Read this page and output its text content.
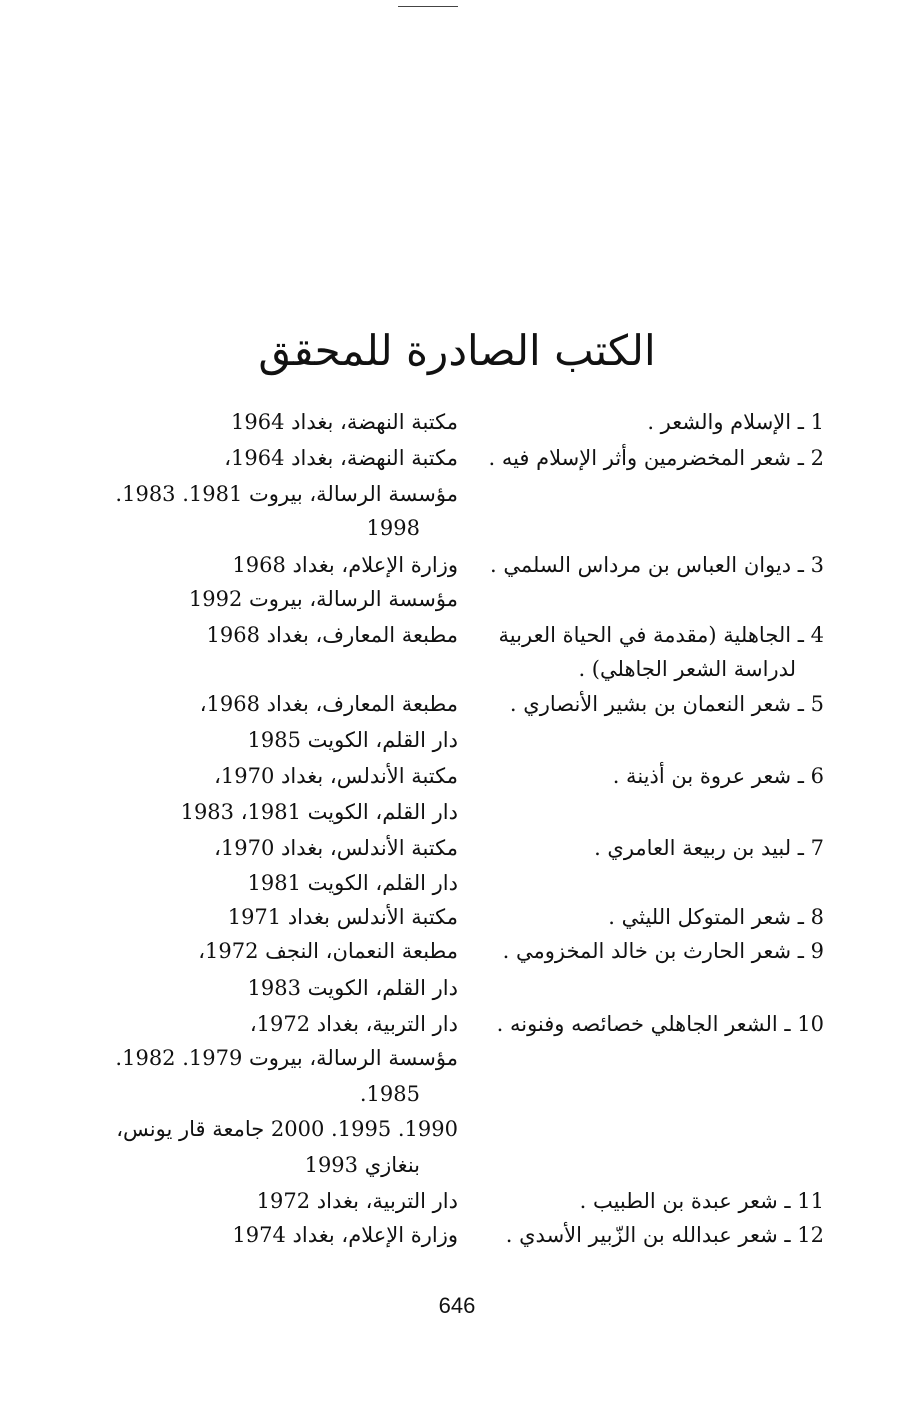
الكتب الصادرة للمحقق
1 ـ الإسلام والشعر .
2 ـ شعر المخضرمين وأثر الإسلام فيه .
3 ـ ديوان العباس بن مرداس السلمي .
4 ـ الجاهلية (مقدمة في الحياة العربية
لدراسة الشعر الجاهلي) .
5 ـ شعر النعمان بن بشير الأنصاري .
6 ـ شعر عروة بن أذينة .
7 ـ لبيد بن ربيعة العامري .
8 ـ شعر المتوكل الليثي .
9 ـ شعر الحارث بن خالد المخزومي .
10 ـ الشعر الجاهلي خصائصه وفنونه .
11 ـ شعر عبدة بن الطبيب .
12 ـ شعر عبدالله بن الزّبير الأسدي .
مكتبة النهضة، بغداد 1964
مكتبة النهضة، بغداد 1964،
مؤسسة الرسالة، بيروت 1981. 1983.
1998
وزارة الإعلام، بغداد 1968
مؤسسة الرسالة، بيروت 1992
مطبعة المعارف، بغداد 1968
مطبعة المعارف، بغداد 1968،
دار القلم، الكويت 1985
مكتبة الأندلس، بغداد 1970،
دار القلم، الكويت 1981، 1983
مكتبة الأندلس، بغداد 1970،
دار القلم، الكويت 1981
مكتبة الأندلس بغداد 1971
مطبعة النعمان، النجف 1972،
دار القلم، الكويت 1983
دار التربية، بغداد 1972،
مؤسسة الرسالة، بيروت 1979. 1982.
1985.
1990. 1995. 2000 جامعة قار يونس،
بنغازي 1993
دار التربية، بغداد 1972
وزارة الإعلام، بغداد 1974
646
